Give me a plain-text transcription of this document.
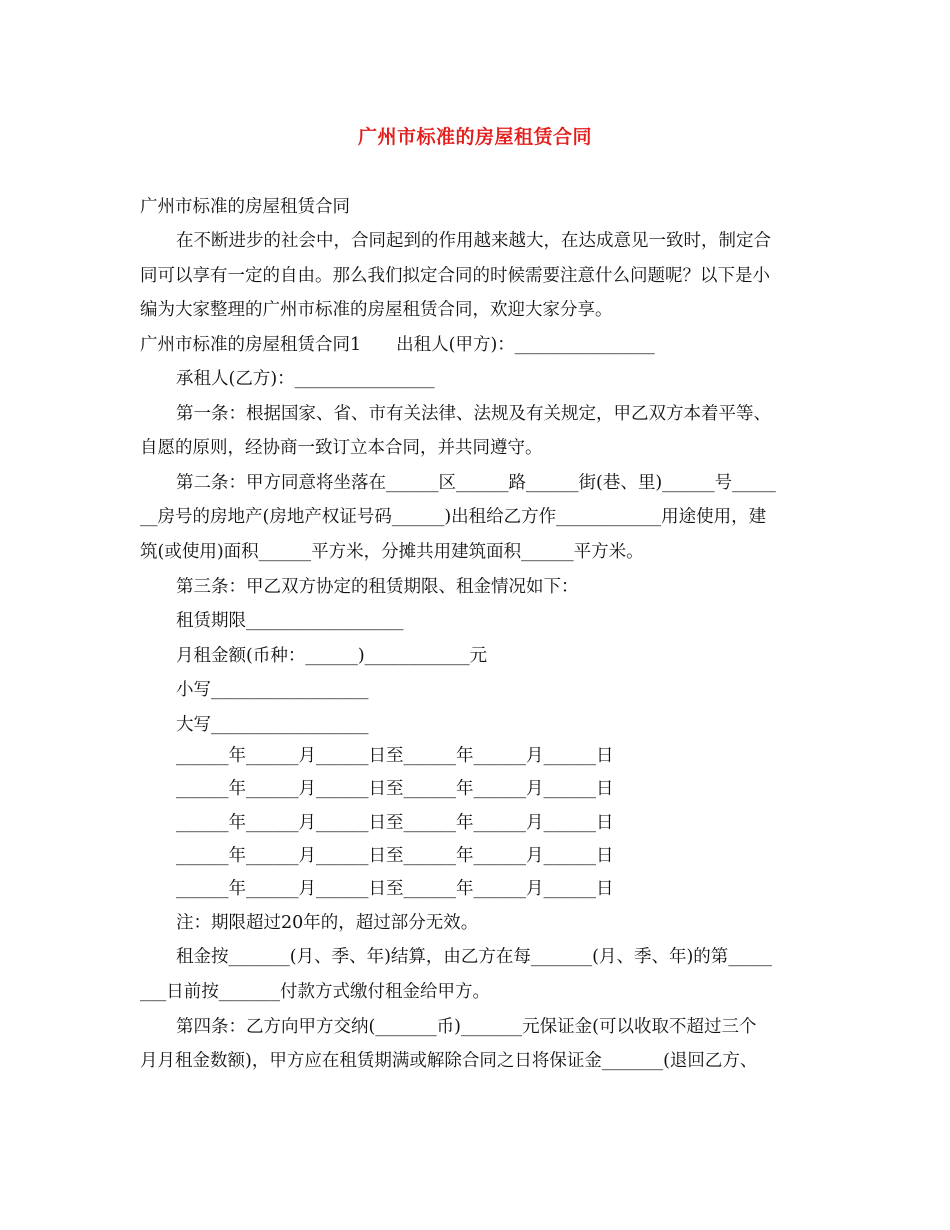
广州市标准的房屋租赁合同
广州市标准的房屋租赁合同
在不断进步的社会中，合同起到的作用越来越大，在达成意见一致时，制定合
同可以享有一定的自由。那么我们拟定合同的时候需要注意什么问题呢？以下是小
编为大家整理的广州市标准的房屋租赁合同，欢迎大家分享。
广州市标准的房屋租赁合同1　　出租人(甲方)：________________
承租人(乙方)：________________
第一条：根据国家、省、市有关法律、法规及有关规定，甲乙双方本着平等、
自愿的原则，经协商一致订立本合同，并共同遵守。
第二条：甲方同意将坐落在______区______路______街(巷、里)______号_____
__房号的房地产(房地产权证号码______)出租给乙方作____________用途使用，建
筑(或使用)面积______平方米，分摊共用建筑面积______平方米。
第三条：甲乙双方协定的租赁期限、租金情况如下：
租赁期限__________________
月租金额(币种：______)____________元
小写__________________
大写__________________
______年______月______日至______年______月______日
______年______月______日至______年______月______日
______年______月______日至______年______月______日
______年______月______日至______年______月______日
______年______月______日至______年______月______日
注：期限超过20年的，超过部分无效。
租金按_______(月、季、年)结算，由乙方在每_______(月、季、年)的第_____
___日前按_______付款方式缴付租金给甲方。
第四条：乙方向甲方交纳(_______币)_______元保证金(可以收取不超过三个
月月租金数额)，甲方应在租赁期满或解除合同之日将保证金_______(退回乙方、
